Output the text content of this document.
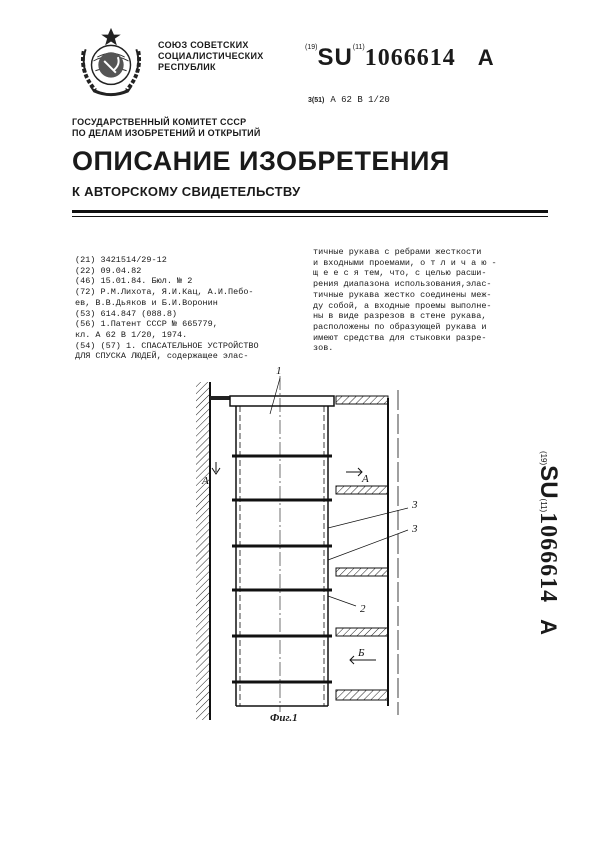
СОЮЗ СОВЕТСКИХ
СОЦИАЛИСТИЧЕСКИХ
РЕСПУБЛИК
$^{(19)}$SU$^{(11)}$1066614 A
3(51) A 62 B 1/20
ГОСУДАРСТВЕННЫЙ КОМИТЕТ СССР
ПО ДЕЛАМ ИЗОБРЕТЕНИЙ И ОТКРЫТИЙ
ОПИСАНИЕ ИЗОБРЕТЕНИЯ
К АВТОРСКОМУ СВИДЕТЕЛЬСТВУ
(21) 3421514/29-12
(22) 09.04.82
(46) 15.01.84. Бюл. № 2
(72) Р.М.Лихота, Я.И.Кац, А.И.Пебо-
ев, В.В.Дьяков и Б.И.Воронин
(53) 614.847 (088.8)
(56) 1.Патент СССР № 665779,
кл. А 62 В 1/20, 1974.
(54) (57) 1. СПАСАТЕЛЬНОЕ УСТРОЙСТВО
ДЛЯ СПУСКА ЛЮДЕЙ, содержащее элас-
тичные рукава с ребрами жесткости
и входными проемами, о т л и ч а ю -
щ е е с я тем, что, с целью расши-
рения диапазона использования,элас-
тичные рукава жестко соединены меж-
ду собой, а входные проемы выполне-
ны в виде разрезов в стене рукава,
расположены по образующей рукава и
имеют средства для стыковки разре-
зов.
(19)SU(11)1066614A
1
3
3
2
А	А
Б
Фиг.1
